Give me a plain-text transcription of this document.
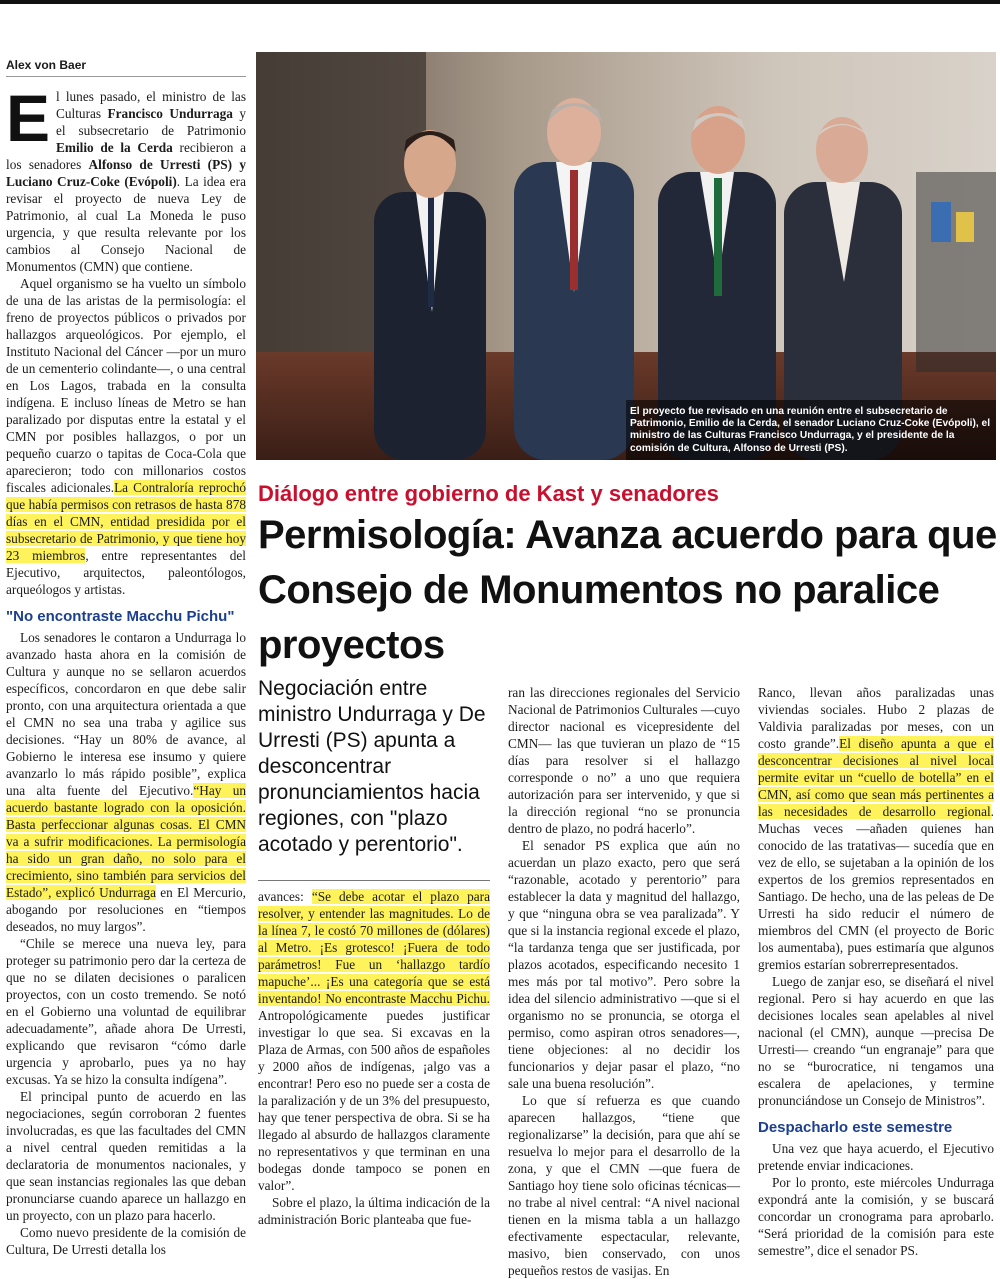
Alex von Baer

El lunes pasado, el ministro de las Culturas Francisco Undurraga y el subsecretario de Patrimonio Emilio de la Cerda recibieron a los senadores Alfonso de Urresti (PS) y Luciano Cruz-Coke (Evópoli). La idea era revisar el proyecto de nueva Ley de Patrimonio, al cual La Moneda le puso urgencia, y que resulta relevante por los cambios al Consejo Nacional de Monumentos (CMN) que contiene.

Aquel organismo se ha vuelto un símbolo de una de las aristas de la permisología: el freno de proyectos públicos o privados por hallazgos arqueológicos. Por ejemplo, el Instituto Nacional del Cáncer —por un muro de un cementerio colindante—, o una central en Los Lagos, trabada en la consulta indígena. E incluso líneas de Metro se han paralizado por disputas entre la estatal y el CMN por posibles hallazgos, o por un pequeño cuarzo o tapitas de Coca-Cola que aparecieron; todo con millonarios costos fiscales adicionales.La Contraloría reprochó que había permisos con retrasos de hasta 878 días en el CMN, entidad presidida por el subsecretario de Patrimonio, y que tiene hoy 23 miembros, entre representantes del Ejecutivo, arquitectos, paleontólogos, arqueólogos y artistas.

"No encontraste Macchu Pichu"

Los senadores le contaron a Undurraga lo avanzado hasta ahora en la comisión de Cultura y aunque no se sellaron acuerdos específicos, concordaron en que debe salir pronto, con una arquitectura orientada a que el CMN no sea una traba y agilice sus decisiones. “Hay un 80% de avance, al Gobierno le interesa ese insumo y quiere avanzarlo lo más rápido posible”, explica una alta fuente del Ejecutivo.“Hay un acuerdo bastante logrado con la oposición. Basta perfeccionar algunas cosas. El CMN va a sufrir modificaciones. La permisología ha sido un gran daño, no solo para el crecimiento, sino también para servicios del Estado”, explicó Undurraga en El Mercurio, abogando por resoluciones en “tiempos deseados, no muy largos”.

“Chile se merece una nueva ley, para proteger su patrimonio pero dar la certeza de que no se dilaten decisiones o paralicen proyectos, con un costo tremendo. Se notó en el Gobierno una voluntad de equilibrar adecuadamente”, añade ahora De Urresti, explicando que revisaron “cómo darle urgencia y aprobarlo, pues ya no hay excusas. Ya se hizo la consulta indígena”.

El principal punto de acuerdo en las negociaciones, según corroboran 2 fuentes involucradas, es que las facultades del CMN a nivel central queden remitidas a la declaratoria de monumentos nacionales, y que sean instancias regionales las que deban pronunciarse cuando aparece un hallazgo en un proyecto, con un plazo para hacerlo.

Como nuevo presidente de la comisión de Cultura, De Urresti detalla los

El proyecto fue revisado en una reunión entre el subsecretario de Patrimonio, Emilio de la Cerda, el senador Luciano Cruz-Coke (Evópoli), el ministro de las Culturas Francisco Undurraga, y el presidente de la comisión de Cultura, Alfonso de Urresti (PS).
Diálogo entre gobierno de Kast y senadores
Permisología: Avanza acuerdo para que Consejo de Monumentos no paralice proyectos
Negociación entre ministro Undurraga y De Urresti (PS) apunta a desconcentrar pronunciamientos hacia regiones, con "plazo acotado y perentorio".

avances: “Se debe acotar el plazo para resolver, y entender las magnitudes. Lo de la línea 7, le costó 70 millones de (dólares) al Metro. ¡Es grotesco! ¡Fuera de todo parámetros! Fue un ‘hallazgo tardío mapuche’... ¡Es una categoría que se está inventando! No encontraste Macchu Pichu. Antropológicamente puedes justificar investigar lo que sea. Si excavas en la Plaza de Armas, con 500 años de españoles y 2000 años de indígenas, ¡algo vas a encontrar! Pero eso no puede ser a costa de la paralización y de un 3% del presupuesto, hay que tener perspectiva de obra. Si se ha llegado al absurdo de hallazgos claramente no representativos y que terminan en una bodegas donde tampoco se ponen en valor”.

Sobre el plazo, la última indicación de la administración Boric planteaba que fue-

ran las direcciones regionales del Servicio Nacional de Patrimonios Culturales —cuyo director nacional es vicepresidente del CMN— las que tuvieran un plazo de “15 días para resolver si el hallazgo corresponde o no” a uno que requiera autorización para ser intervenido, y que si la dirección regional “no se pronuncia dentro de plazo, no podrá hacerlo”.

El senador PS explica que aún no acuerdan un plazo exacto, pero que será “razonable, acotado y perentorio” para establecer la data y magnitud del hallazgo, y que “ninguna obra se vea paralizada”. Y que si la instancia regional excede el plazo, “la tardanza tenga que ser justificada, por plazos acotados, especificando necesito 1 mes más por tal motivo”. Pero sobre la idea del silencio administrativo —que si el organismo no se pronuncia, se otorga el permiso, como aspiran otros senadores—, tiene objeciones: al no decidir los funcionarios y dejar pasar el plazo, “no sale una buena resolución”.

Lo que sí refuerza es que cuando aparecen hallazgos, “tiene que regionalizarse” la decisión, para que ahí se resuelva lo mejor para el desarrollo de la zona, y que el CMN —que fuera de Santiago hoy tiene solo oficinas técnicas— no trabe al nivel central: “A nivel nacional tienen en la misma tabla a un hallazgo efectivamente espectacular, relevante, masivo, bien conservado, con unos pequeños restos de vasijas. En

Ranco, llevan años paralizadas unas viviendas sociales. Hubo 2 plazas de Valdivia paralizadas por meses, con un costo grande”.El diseño apunta a que el desconcentrar decisiones al nivel local permite evitar un “cuello de botella” en el CMN, así como que sean más pertinentes a las necesidades de desarrollo regional. Muchas veces —añaden quienes han conocido de las tratativas— sucedía que en vez de ello, se sujetaban a la opinión de los expertos de los gremios representados en Santiago. De hecho, una de las peleas de De Urresti ha sido reducir el número de miembros del CMN (el proyecto de Boric los aumentaba), pues estimaría que algunos gremios estarían sobrerrepresentados.

Luego de zanjar eso, se diseñará el nivel regional. Pero si hay acuerdo en que las decisiones locales sean apelables al nivel nacional (el CMN), aunque —precisa De Urresti— creando “un engranaje” para que no se “burocratice, ni tengamos una escalera de apelaciones, y termine pronunciándose un Consejo de Ministros”.

Despacharlo este semestre

Una vez que haya acuerdo, el Ejecutivo pretende enviar indicaciones.

Por lo pronto, este miércoles Undurraga expondrá ante la comisión, y se buscará concordar un cronograma para aprobarlo. “Será prioridad de la comisión para este semestre”, dice el senador PS.
